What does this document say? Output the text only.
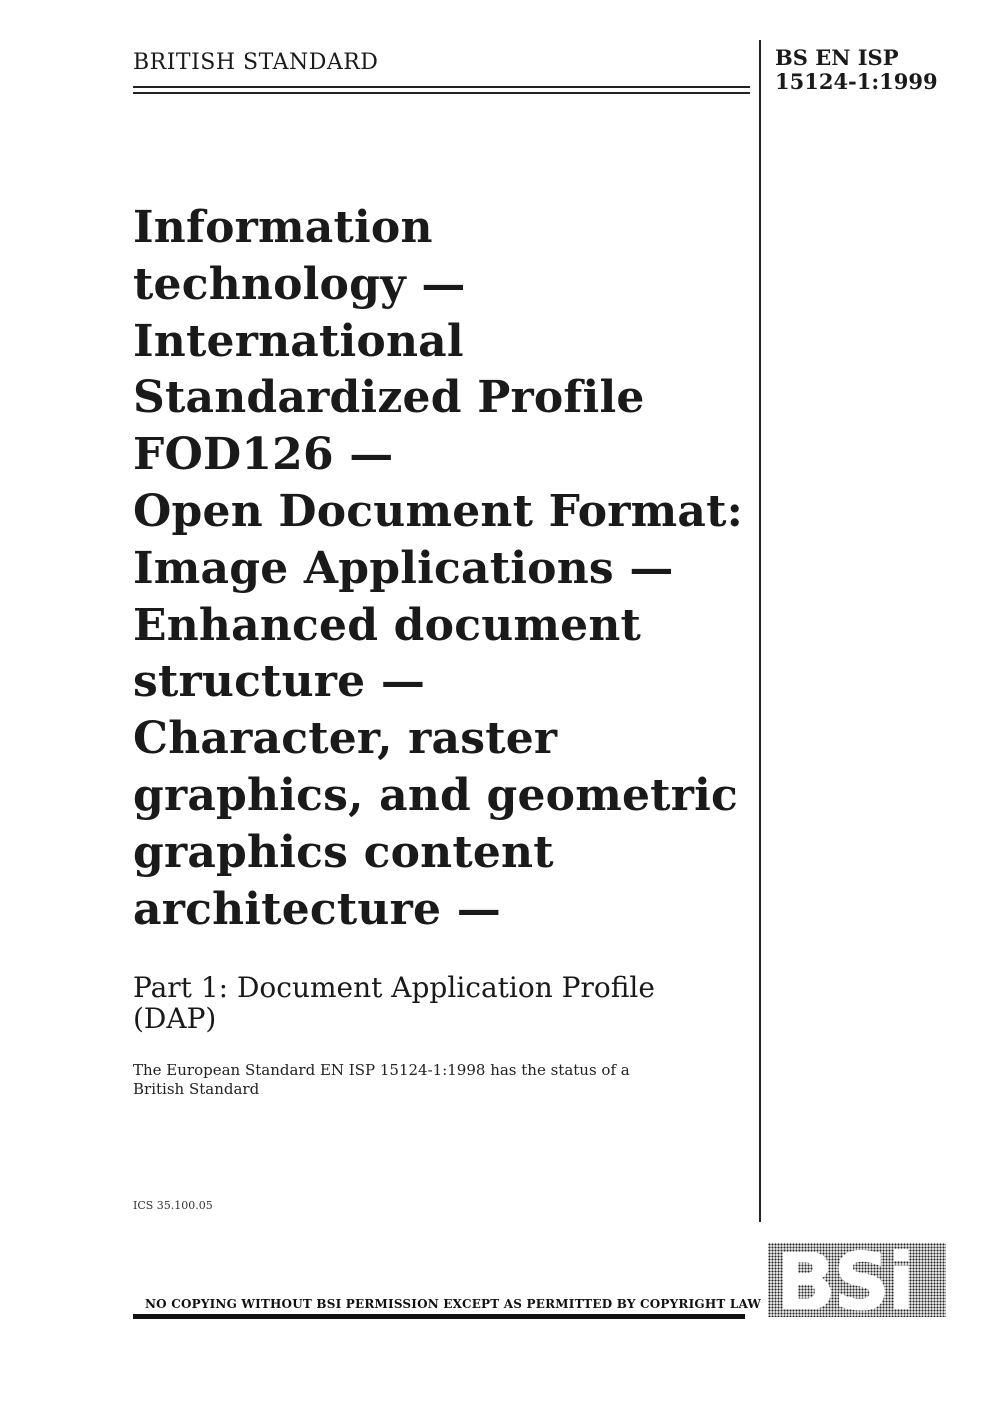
BRITISH STANDARD	BS EN ISP
15124-1:1999
Information
technology —
International
Standardized Profile
FOD126 —
Open Document Format:
Image Applications —
Enhanced document
structure —
Character, raster
graphics, and geometric
graphics content
architecture —
Part 1: Document Application Profile
(DAP)
The European Standard EN ISP 15124-1:1998 has the status of a
British Standard
ICS 35.100.05
NO COPYING WITHOUT BSI PERMISSION EXCEPT AS PERMITTED BY COPYRIGHT LAW BSi
